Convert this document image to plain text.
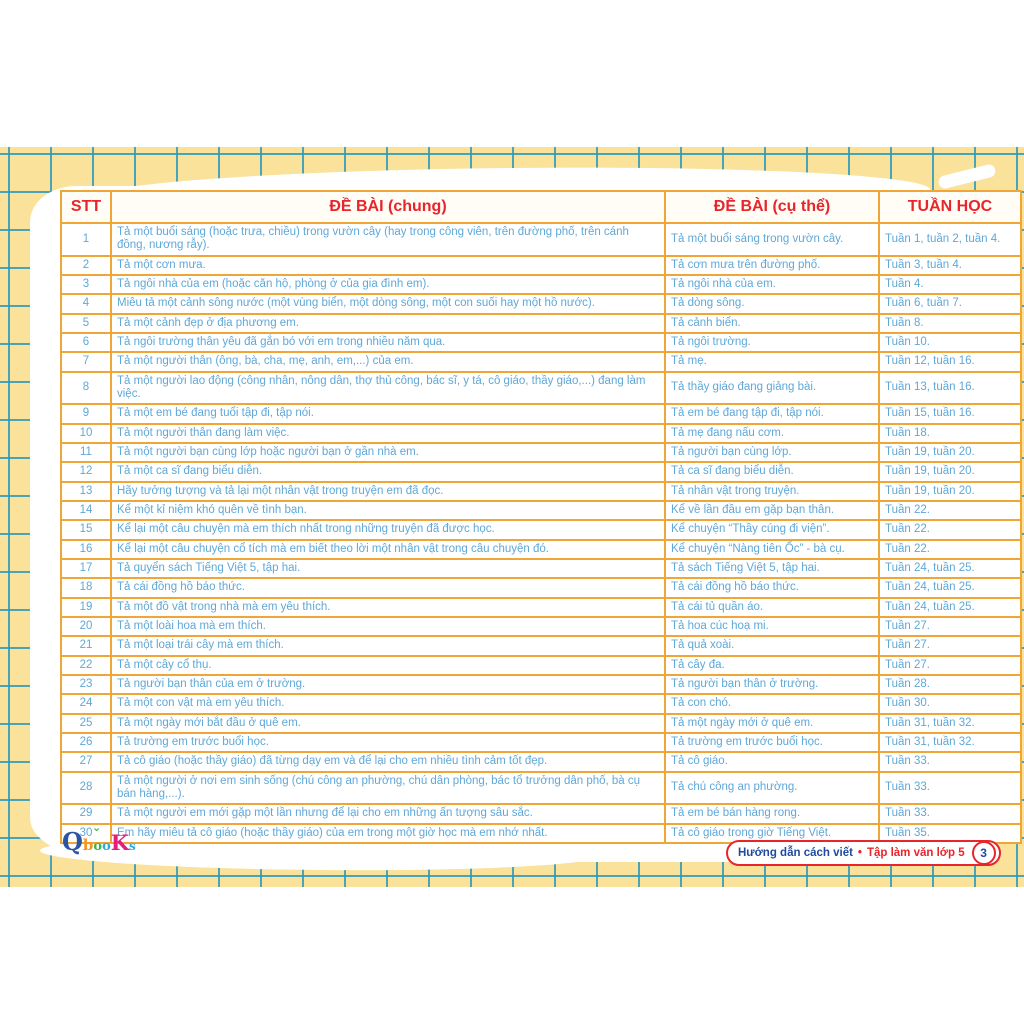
STT	ĐỀ BÀI (chung)	ĐỀ BÀI (cụ thể)	TUẦN HỌC
1	Tả một buổi sáng (hoặc trưa, chiều) trong vườn cây (hay trong công viên, trên đường phố, trên cánh đồng, nương rẫy).	Tả một buổi sáng trong vườn cây.	Tuần 1, tuần 2, tuần 4.
2	Tả một cơn mưa.	Tả cơn mưa trên đường phố.	Tuần 3, tuần 4.
3	Tả ngôi nhà của em (hoặc căn hộ, phòng ở của gia đình em).	Tả ngôi nhà của em.	Tuần 4.
4	Miêu tả một cảnh sông nước (một vùng biển, một dòng sông, một con suối hay một hồ nước).	Tả dòng sông.	Tuần 6, tuần 7.
5	Tả một cảnh đẹp ở địa phương em.	Tả cảnh biển.	Tuần 8.
6	Tả ngôi trường thân yêu đã gắn bó với em trong nhiều năm qua.	Tả ngôi trường.	Tuần 10.
7	Tả một người thân (ông, bà, cha, mẹ, anh, em,...) của em.	Tả mẹ.	Tuần 12, tuần 16.
8	Tả một người lao động (công nhân, nông dân, thợ thủ công, bác sĩ, y tá, cô giáo, thầy giáo,...) đang làm việc.	Tả thầy giáo đang giảng bài.	Tuần 13, tuần 16.
9	Tả một em bé đang tuổi tập đi, tập nói.	Tả em bé đang tập đi, tập nói.	Tuần 15, tuần 16.
10	Tả một người thân đang làm việc.	Tả mẹ đang nấu cơm.	Tuần 18.
11	Tả một người bạn cùng lớp hoặc người bạn ở gần nhà em.	Tả người bạn cùng lớp.	Tuần 19, tuần 20.
12	Tả một ca sĩ đang biểu diễn.	Tả ca sĩ đang biểu diễn.	Tuần 19, tuần 20.
13	Hãy tưởng tượng và tả lại một nhân vật trong truyện em đã đọc.	Tả nhân vật trong truyện.	Tuần 19, tuần 20.
14	Kể một kỉ niệm khó quên về tình bạn.	Kể về lần đầu em gặp bạn thân.	Tuần 22.
15	Kể lại một câu chuyện mà em thích nhất trong những truyện đã được học.	Kể chuyện “Thầy cúng đi viện”.	Tuần 22.
16	Kể lại một câu chuyện cổ tích mà em biết theo lời một nhân vật trong câu chuyện đó.	Kể chuyện “Nàng tiên Ốc” - bà cụ.	Tuần 22.
17	Tả quyển sách Tiếng Việt 5, tập hai.	Tả sách Tiếng Việt 5, tập hai.	Tuần 24, tuần 25.
18	Tả cái đồng hồ báo thức.	Tả cái đồng hồ báo thức.	Tuần 24, tuần 25.
19	Tả một đồ vật trong nhà mà em yêu thích.	Tả cái tủ quần áo.	Tuần 24, tuần 25.
20	Tả một loài hoa mà em thích.	Tả hoa cúc hoạ mi.	Tuần 27.
21	Tả một loại trái cây mà em thích.	Tả quả xoài.	Tuần 27.
22	Tả một cây cổ thụ.	Tả cây đa.	Tuần 27.
23	Tả người bạn thân của em ở trường.	Tả người bạn thân ở trường.	Tuần 28.
24	Tả một con vật mà em yêu thích.	Tả con chó.	Tuần 30.
25	Tả một ngày mới bắt đầu ở quê em.	Tả một ngày mới ở quê em.	Tuần 31, tuần 32.
26	Tả trường em trước buổi học.	Tả trường em trước buổi học.	Tuần 31, tuần 32.
27	Tả cô giáo (hoặc thầy giáo) đã từng dạy em và để lại cho em nhiều tình cảm tốt đẹp.	Tả cô giáo.	Tuần 33.
28	Tả một người ở nơi em sinh sống (chú công an phường, chú dân phòng, bác tổ trưởng dân phố, bà cụ bán hàng,...).	Tả chú công an phường.	Tuần 33.
29	Tả một người em mới gặp một lần nhưng để lại cho em những ấn tượng sâu sắc.	Tả em bé bán hàng rong.	Tuần 33.
30	Em hãy miêu tả cô giáo (hoặc thầy giáo) của em trong một giờ học mà em nhớ nhất.	Tả cô giáo trong giờ Tiếng Việt.	Tuần 35.
⌄
QbooKs	Hướng dẫn cách viết • Tập làm văn lớp 5	3
